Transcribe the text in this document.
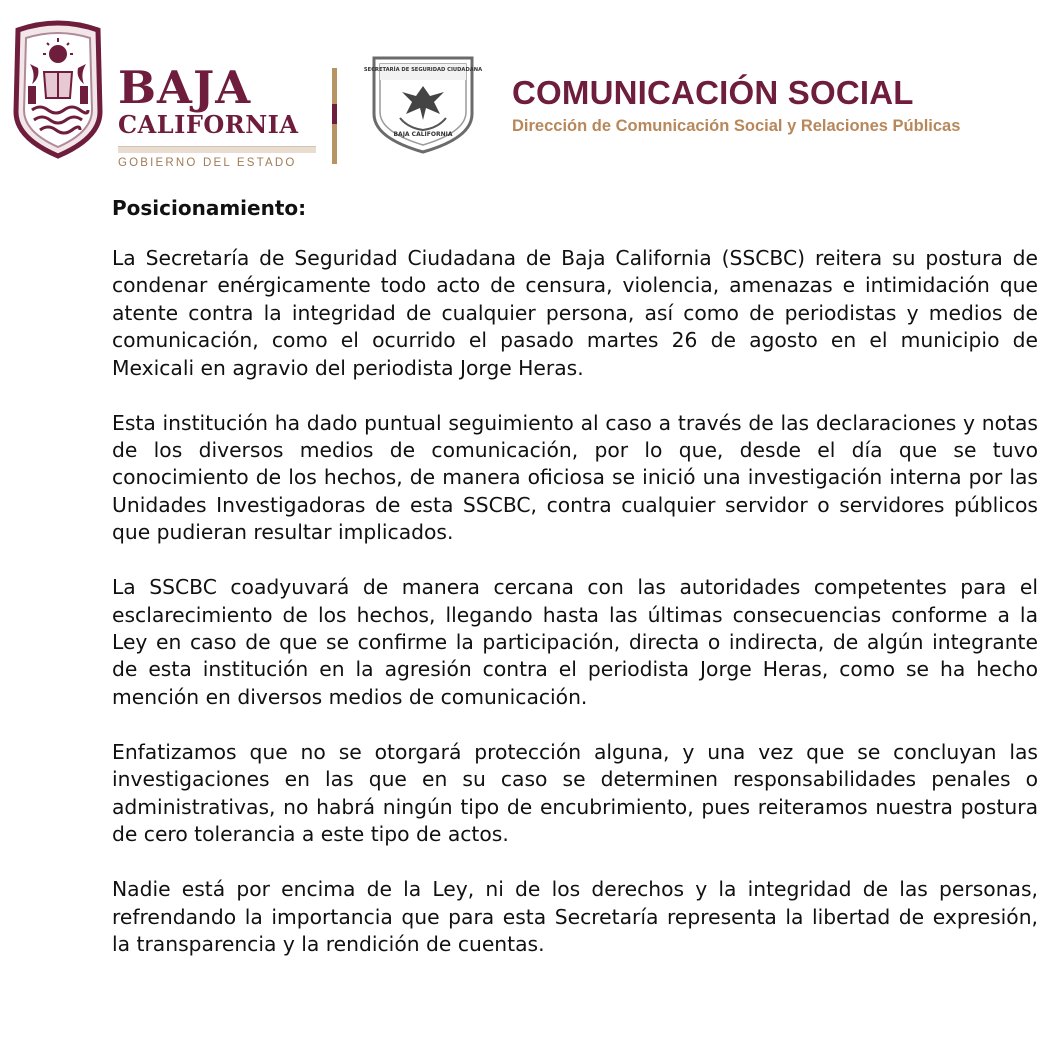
BAJA
CALIFORNIA
GOBIERNO DEL ESTADO
SECRETARÍA DE SEGURIDAD CIUDADANA
BAJA CALIFORNIA
COMUNICACIÓN SOCIAL
Dirección de Comunicación Social y Relaciones Públicas
Posicionamiento:

La Secretaría de Seguridad Ciudadana de Baja California (SSCBC) reitera su postura de condenar enérgicamente todo acto de censura, violencia, amenazas e intimidación que atente contra la integridad de cualquier persona, así como de periodistas y medios de comunicación, como el ocurrido el pasado martes 26 de agosto en el municipio de Mexicali en agravio del periodista Jorge Heras.

Esta institución ha dado puntual seguimiento al caso a través de las declaraciones y notas de los diversos medios de comunicación, por lo que, desde el día que se tuvo conocimiento de los hechos, de manera oficiosa se inició una investigación interna por las Unidades Investigadoras de esta SSCBC, contra cualquier servidor o servidores públicos que pudieran resultar implicados.

La SSCBC coadyuvará de manera cercana con las autoridades competentes para el esclarecimiento de los hechos, llegando hasta las últimas consecuencias conforme a la Ley en caso de que se confirme la participación, directa o indirecta, de algún integrante de esta institución en la agresión contra el periodista Jorge Heras, como se ha hecho mención en diversos medios de comunicación.

Enfatizamos que no se otorgará protección alguna, y una vez que se concluyan las investigaciones en las que en su caso se determinen responsabilidades penales o administrativas, no habrá ningún tipo de encubrimiento, pues reiteramos nuestra postura de cero tolerancia a este tipo de actos.

Nadie está por encima de la Ley, ni de los derechos y la integridad de las personas, refrendando la importancia que para esta Secretaría representa la libertad de expresión, la transparencia y la rendición de cuentas.
